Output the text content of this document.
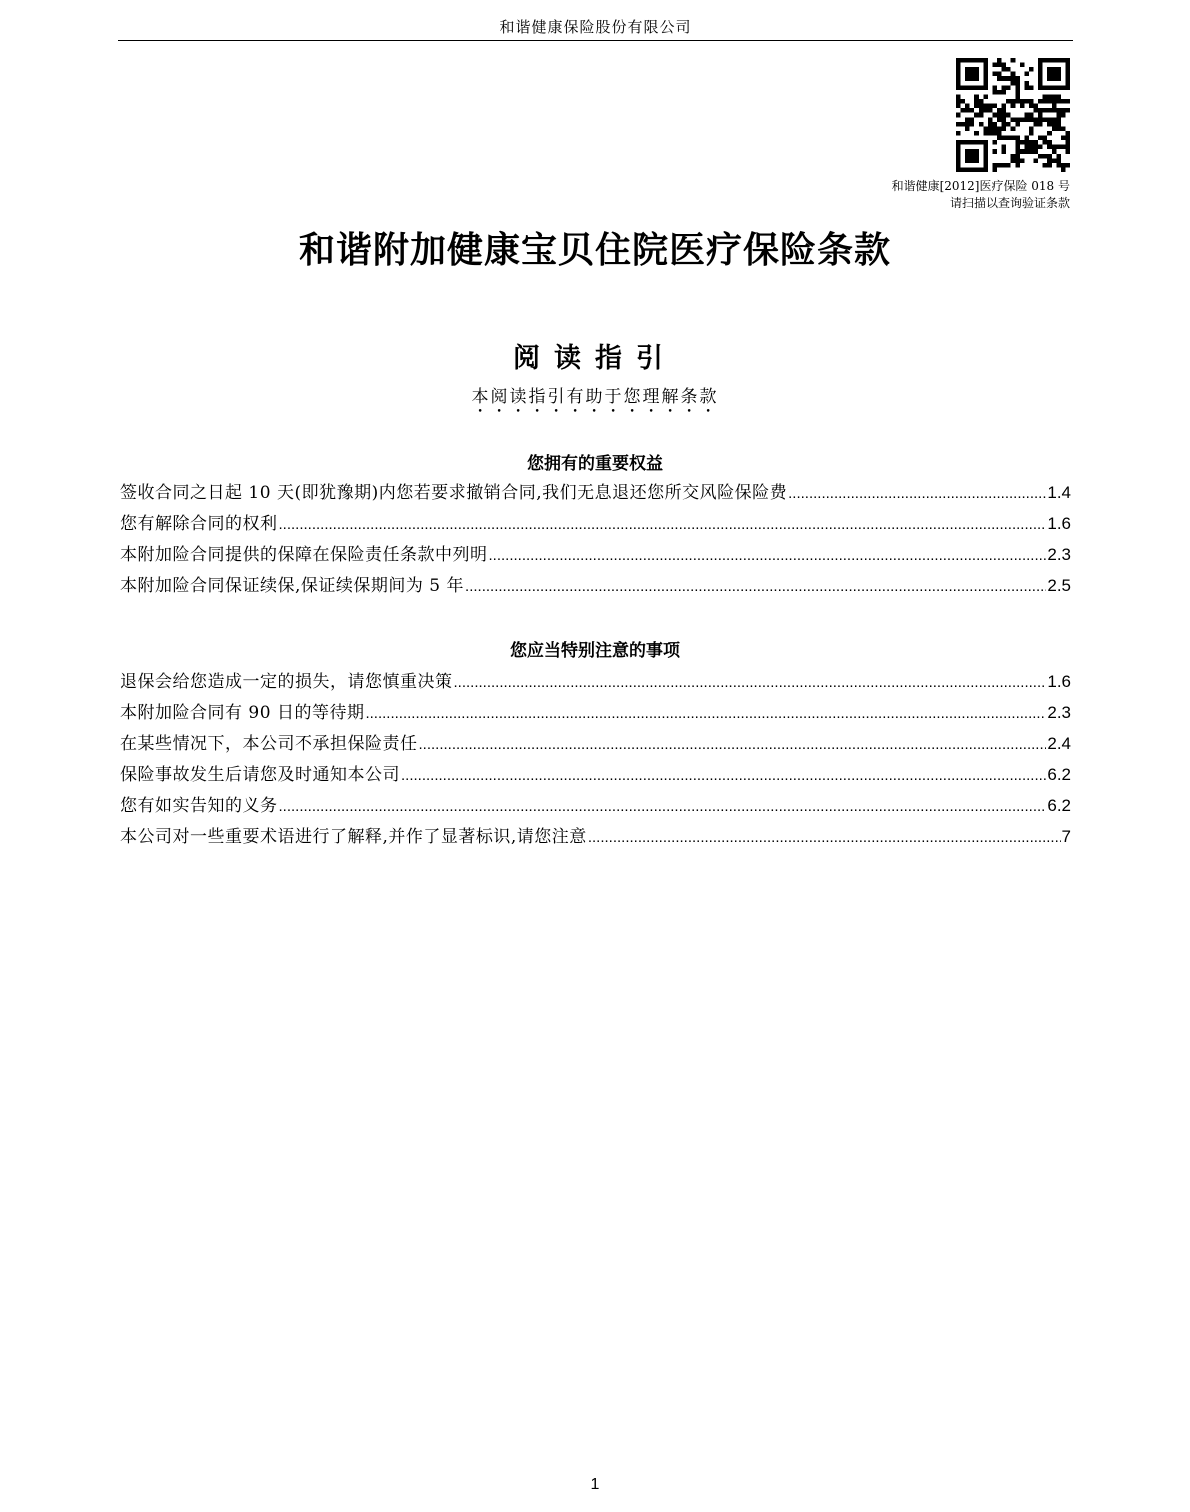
和谐健康保险股份有限公司
和谐健康[2012]医疗保险 018 号
请扫描以查询验证条款
和谐附加健康宝贝住院医疗保险条款
阅读指引
本阅读指引有助于您理解条款
您拥有的重要权益
签收合同之日起 10 天(即犹豫期)内您若要求撤销合同,我们无息退还您所交风险保险费 .....	1.4
您有解除合同的权利 .....	1.6
本附加险合同提供的保障在保险责任条款中列明 .....	2.3
本附加险合同保证续保,保证续保期间为 5 年 .....	2.5
您应当特别注意的事项
退保会给您造成一定的损失，请您慎重决策 .....	1.6
本附加险合同有 90 日的等待期 .....	2.3
在某些情况下，本公司不承担保险责任 .....	2.4
保险事故发生后请您及时通知本公司 .....	6.2
您有如实告知的义务 .....	6.2
本公司对一些重要术语进行了解释,并作了显著标识,请您注意 .....	7
1
